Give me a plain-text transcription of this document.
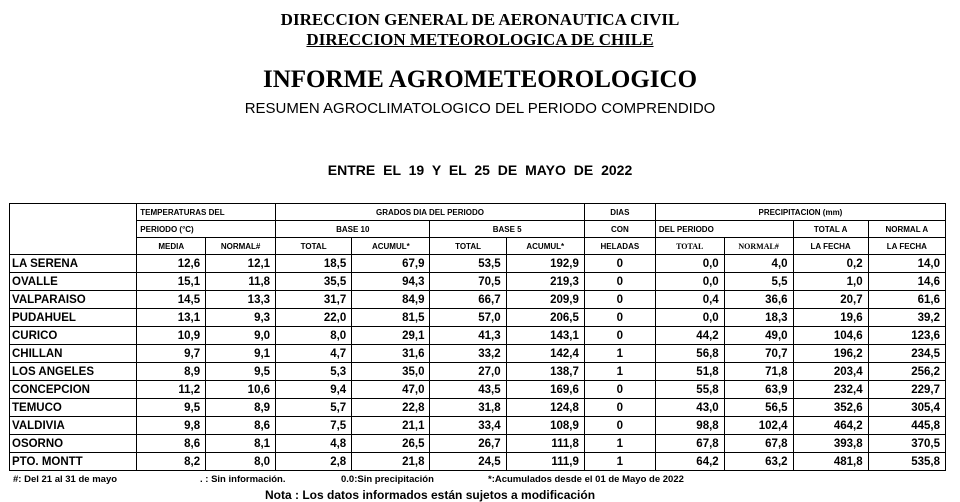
DIRECCION GENERAL DE AERONAUTICA CIVIL
DIRECCION METEOROLOGICA DE CHILE
INFORME AGROMETEOROLOGICO
RESUMEN AGROCLIMATOLOGICO DEL PERIODO COMPRENDIDO
ENTRE EL 19 Y EL 25 DE MAYO DE 2022
	TEMPERATURAS DEL		GRADOS DIA DEL PERIODO				DIAS	PRECIPITACION (mm)			
	PERIODO (°C)		BASE 10		BASE 5		CON	DEL PERIODO		TOTAL A	NORMAL A
	MEDIA	NORMAL#	TOTAL	ACUMUL*	TOTAL	ACUMUL*	HELADAS	TOTAL	NORMAL#	LA FECHA	LA FECHA
LA SERENA	12,6	12,1	18,5	67,9	53,5	192,9	0	0,0	4,0	0,2	14,0
OVALLE	15,1	11,8	35,5	94,3	70,5	219,3	0	0,0	5,5	1,0	14,6
VALPARAISO	14,5	13,3	31,7	84,9	66,7	209,9	0	0,4	36,6	20,7	61,6
PUDAHUEL	13,1	9,3	22,0	81,5	57,0	206,5	0	0,0	18,3	19,6	39,2
CURICO	10,9	9,0	8,0	29,1	41,3	143,1	0	44,2	49,0	104,6	123,6
CHILLAN	9,7	9,1	4,7	31,6	33,2	142,4	1	56,8	70,7	196,2	234,5
LOS ANGELES	8,9	9,5	5,3	35,0	27,0	138,7	1	51,8	71,8	203,4	256,2
CONCEPCION	11,2	10,6	9,4	47,0	43,5	169,6	0	55,8	63,9	232,4	229,7
TEMUCO	9,5	8,9	5,7	22,8	31,8	124,8	0	43,0	56,5	352,6	305,4
VALDIVIA	9,8	8,6	7,5	21,1	33,4	108,9	0	98,8	102,4	464,2	445,8
OSORNO	8,6	8,1	4,8	26,5	26,7	111,8	1	67,8	67,8	393,8	370,5
PTO. MONTT	8,2	8,0	2,8	21,8	24,5	111,9	1	64,2	63,2	481,8	535,8
#: Del 21 al 31 de mayo	. : Sin información.	0.0:Sin precipitación	*:Acumulados desde el 01 de Mayo de 2022
Nota : Los datos informados están sujetos a modificación
